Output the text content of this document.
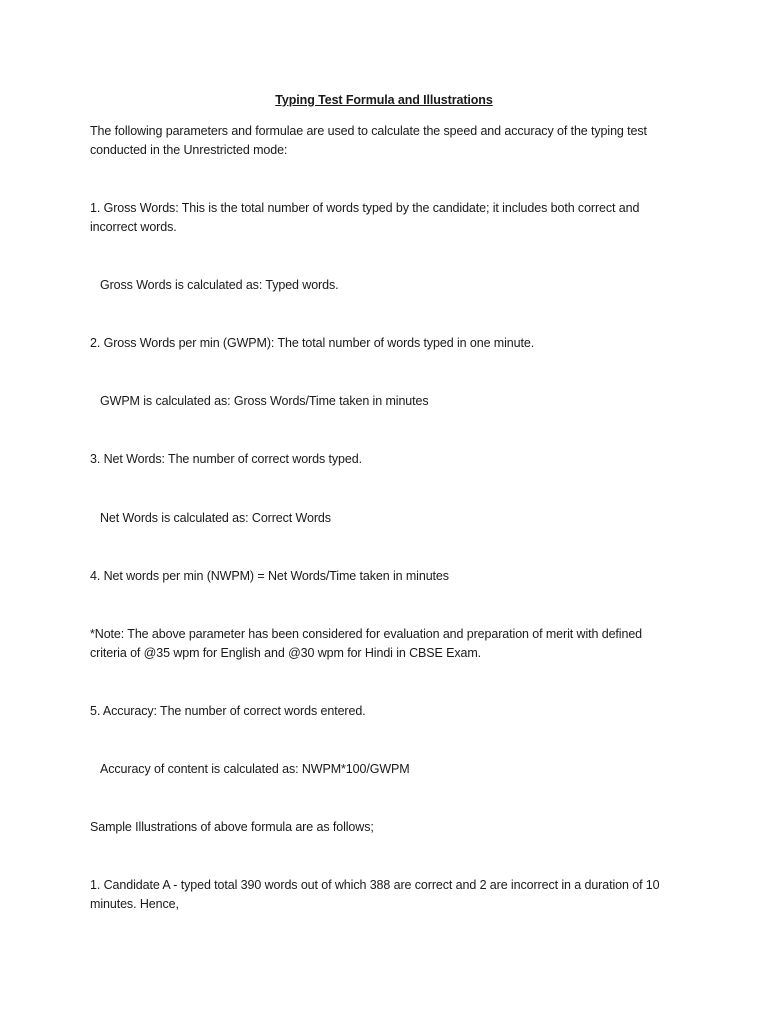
Typing Test Formula and Illustrations
The following parameters and formulae are used to calculate the speed and accuracy of the typing test conducted in the Unrestricted mode:
1. Gross Words: This is the total number of words typed by the candidate; it includes both correct and incorrect words.
Gross Words is calculated as: Typed words.
2. Gross Words per min (GWPM): The total number of words typed in one minute.
GWPM is calculated as: Gross Words/Time taken in minutes
3. Net Words: The number of correct words typed.
Net Words is calculated as: Correct Words
4. Net words per min (NWPM) = Net Words/Time taken in minutes
*Note: The above parameter has been considered for evaluation and preparation of merit with defined criteria of @35 wpm for English and @30 wpm for Hindi in CBSE Exam.
5. Accuracy: The number of correct words entered.
Accuracy of content is calculated as: NWPM*100/GWPM
Sample Illustrations of above formula are as follows;
1. Candidate A - typed total 390 words out of which 388 are correct and 2 are incorrect in a duration of 10 minutes. Hence,
